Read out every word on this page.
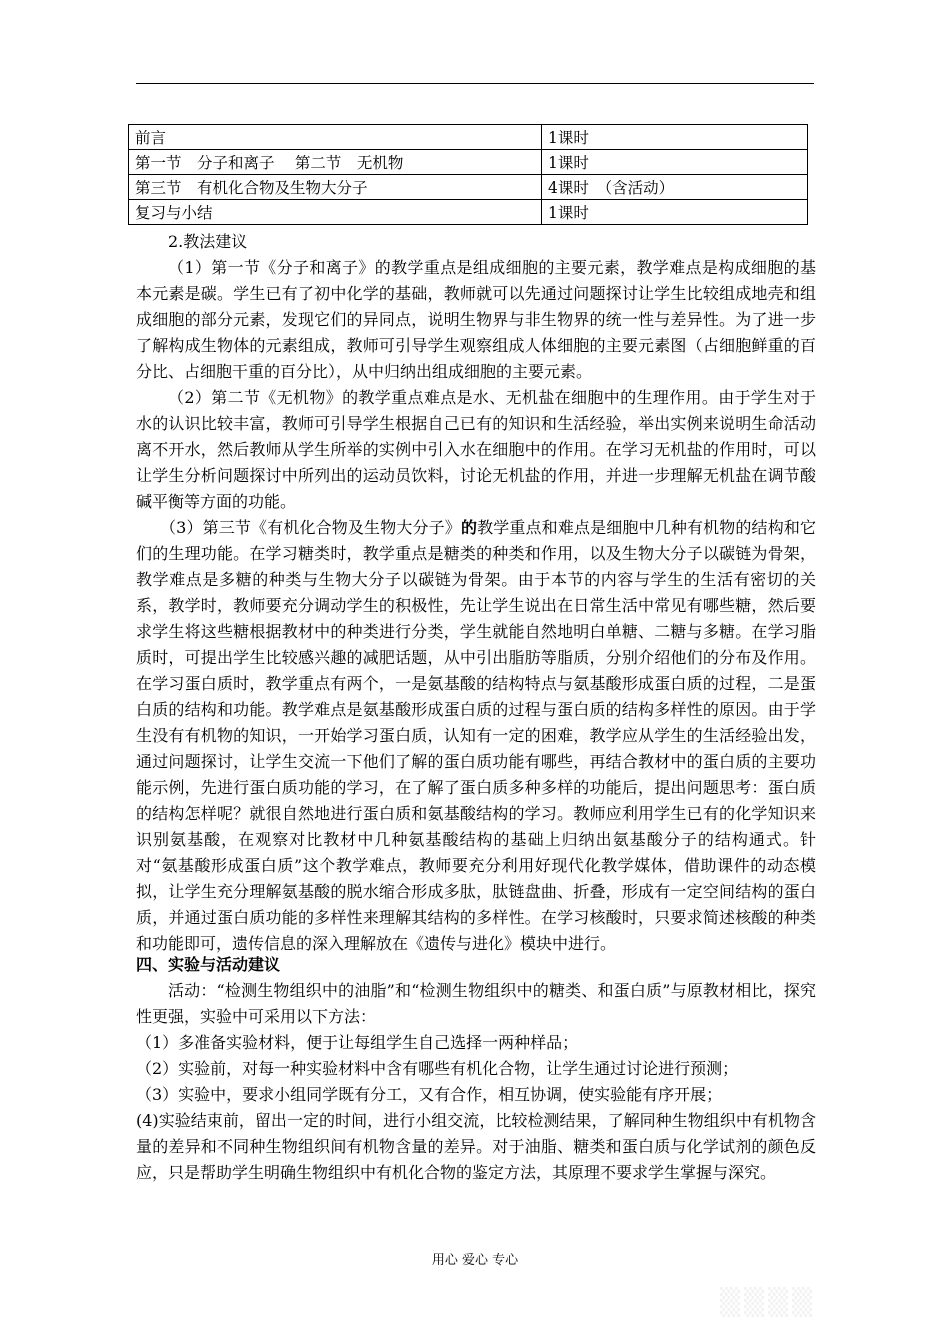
前言	1课时
第一节　分子和离子　 第二节　无机物	1课时
第三节　有机化合物及生物大分子	4课时　（含活动）
复习与小结	1课时

2.教法建议

（1）第一节《分子和离子》的教学重点是组成细胞的主要元素，教学难点是构成细胞的基本元素是碳。学生已有了初中化学的基础，教师就可以先通过问题探讨让学生比较组成地壳和组成细胞的部分元素，发现它们的异同点，说明生物界与非生物界的统一性与差异性。为了进一步了解构成生物体的元素组成，教师可引导学生观察组成人体细胞的主要元素图（占细胞鲜重的百分比、占细胞干重的百分比），从中归纳出组成细胞的主要元素。

（2）第二节《无机物》的教学重点难点是水、无机盐在细胞中的生理作用。由于学生对于水的认识比较丰富，教师可引导学生根据自己已有的知识和生活经验，举出实例来说明生命活动离不开水，然后教师从学生所举的实例中引入水在细胞中的作用。在学习无机盐的作用时，可以让学生分析问题探讨中所列出的运动员饮料，讨论无机盐的作用，并进一步理解无机盐在调节酸碱平衡等方面的功能。

（3）第三节《有机化合物及生物大分子》的教学重点和难点是细胞中几种有机物的结构和它们的生理功能。在学习糖类时，教学重点是糖类的种类和作用，以及生物大分子以碳链为骨架，教学难点是多糖的种类与生物大分子以碳链为骨架。由于本节的内容与学生的生活有密切的关系，教学时，教师要充分调动学生的积极性，先让学生说出在日常生活中常见有哪些糖，然后要求学生将这些糖根据教材中的种类进行分类，学生就能自然地明白单糖、二糖与多糖。在学习脂质时，可提出学生比较感兴趣的减肥话题，从中引出脂肪等脂质，分别介绍他们的分布及作用。在学习蛋白质时，教学重点有两个，一是氨基酸的结构特点与氨基酸形成蛋白质的过程，二是蛋白质的结构和功能。教学难点是氨基酸形成蛋白质的过程与蛋白质的结构多样性的原因。由于学生没有有机物的知识，一开始学习蛋白质，认知有一定的困难，教学应从学生的生活经验出发，通过问题探讨，让学生交流一下他们了解的蛋白质功能有哪些，再结合教材中的蛋白质的主要功能示例，先进行蛋白质功能的学习，在了解了蛋白质多种多样的功能后，提出问题思考：蛋白质的结构怎样呢？就很自然地进行蛋白质和氨基酸结构的学习。教师应利用学生已有的化学知识来识别氨基酸，在观察对比教材中几种氨基酸结构的基础上归纳出氨基酸分子的结构通式。针对“氨基酸形成蛋白质”这个教学难点，教师要充分利用好现代化教学媒体，借助课件的动态模拟，让学生充分理解氨基酸的脱水缩合形成多肽，肽链盘曲、折叠，形成有一定空间结构的蛋白质，并通过蛋白质功能的多样性来理解其结构的多样性。在学习核酸时，只要求简述核酸的种类和功能即可，遗传信息的深入理解放在《遗传与进化》模块中进行。

四、实验与活动建议

活动：“检测生物组织中的油脂”和“检测生物组织中的糖类、和蛋白质”与原教材相比，探究性更强，实验中可采用以下方法：

（1）多准备实验材料，便于让每组学生自己选择一两种样品；

（2）实验前，对每一种实验材料中含有哪些有机化合物，让学生通过讨论进行预测；

（3）实验中，要求小组同学既有分工，又有合作，相互协调，使实验能有序开展；

(4)实验结束前，留出一定的时间，进行小组交流，比较检测结果，了解同种生物组织中有机物含量的差异和不同种生物组织间有机物含量的差异。对于油脂、糖类和蛋白质与化学试剂的颜色反应，只是帮助学生明确生物组织中有机化合物的鉴定方法，其原理不要求学生掌握与深究。

用心 爱心 专心
▒▒▒▒
